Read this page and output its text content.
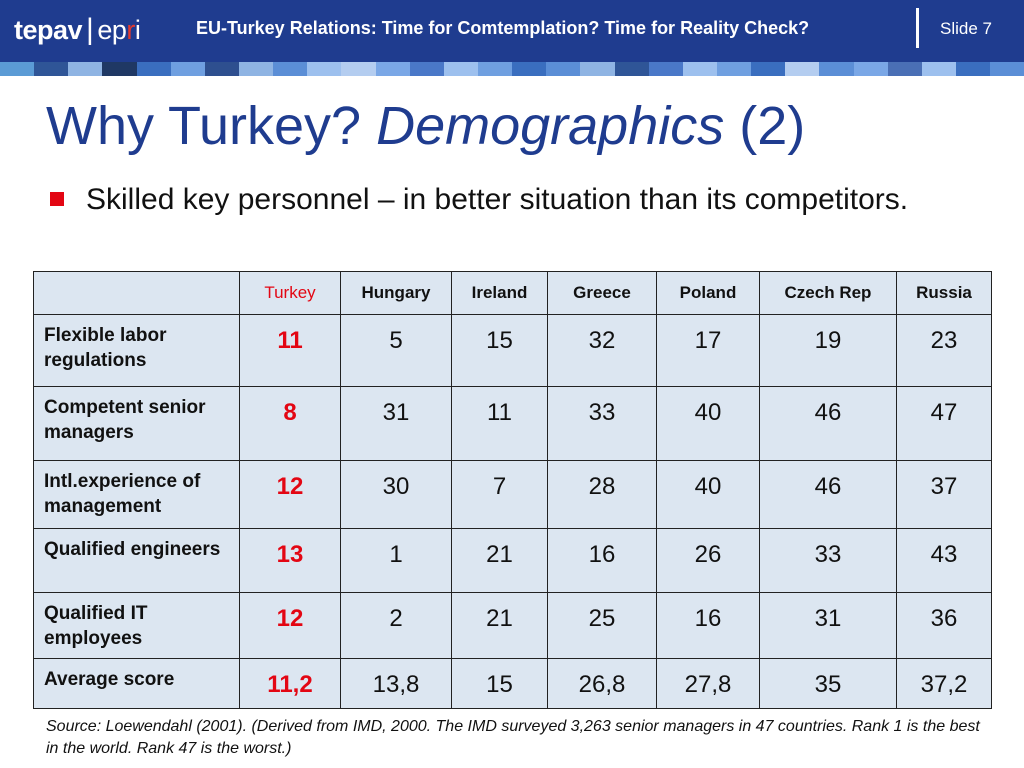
tepav | epri	EU-Turkey Relations: Time for Comtemplation? Time for Reality Check?	Slide 7
Why Turkey? Demographics (2)
Skilled key personnel – in better situation than its competitors.
	Turkey	Hungary	Ireland	Greece	Poland	Czech Rep	Russia
Flexible labor regulations	11	5	15	32	17	19	23
Competent senior managers	8	31	11	33	40	46	47
Intl.experience of management	12	30	7	28	40	46	37
Qualified engineers	13	1	21	16	26	33	43
Qualified IT employees	12	2	21	25	16	31	36
Average score	11,2	13,8	15	26,8	27,8	35	37,2
Source: Loewendahl (2001). (Derived from IMD, 2000. The IMD surveyed 3,263 senior managers in 47 countries. Rank 1 is the best in the world. Rank 47 is the worst.)
